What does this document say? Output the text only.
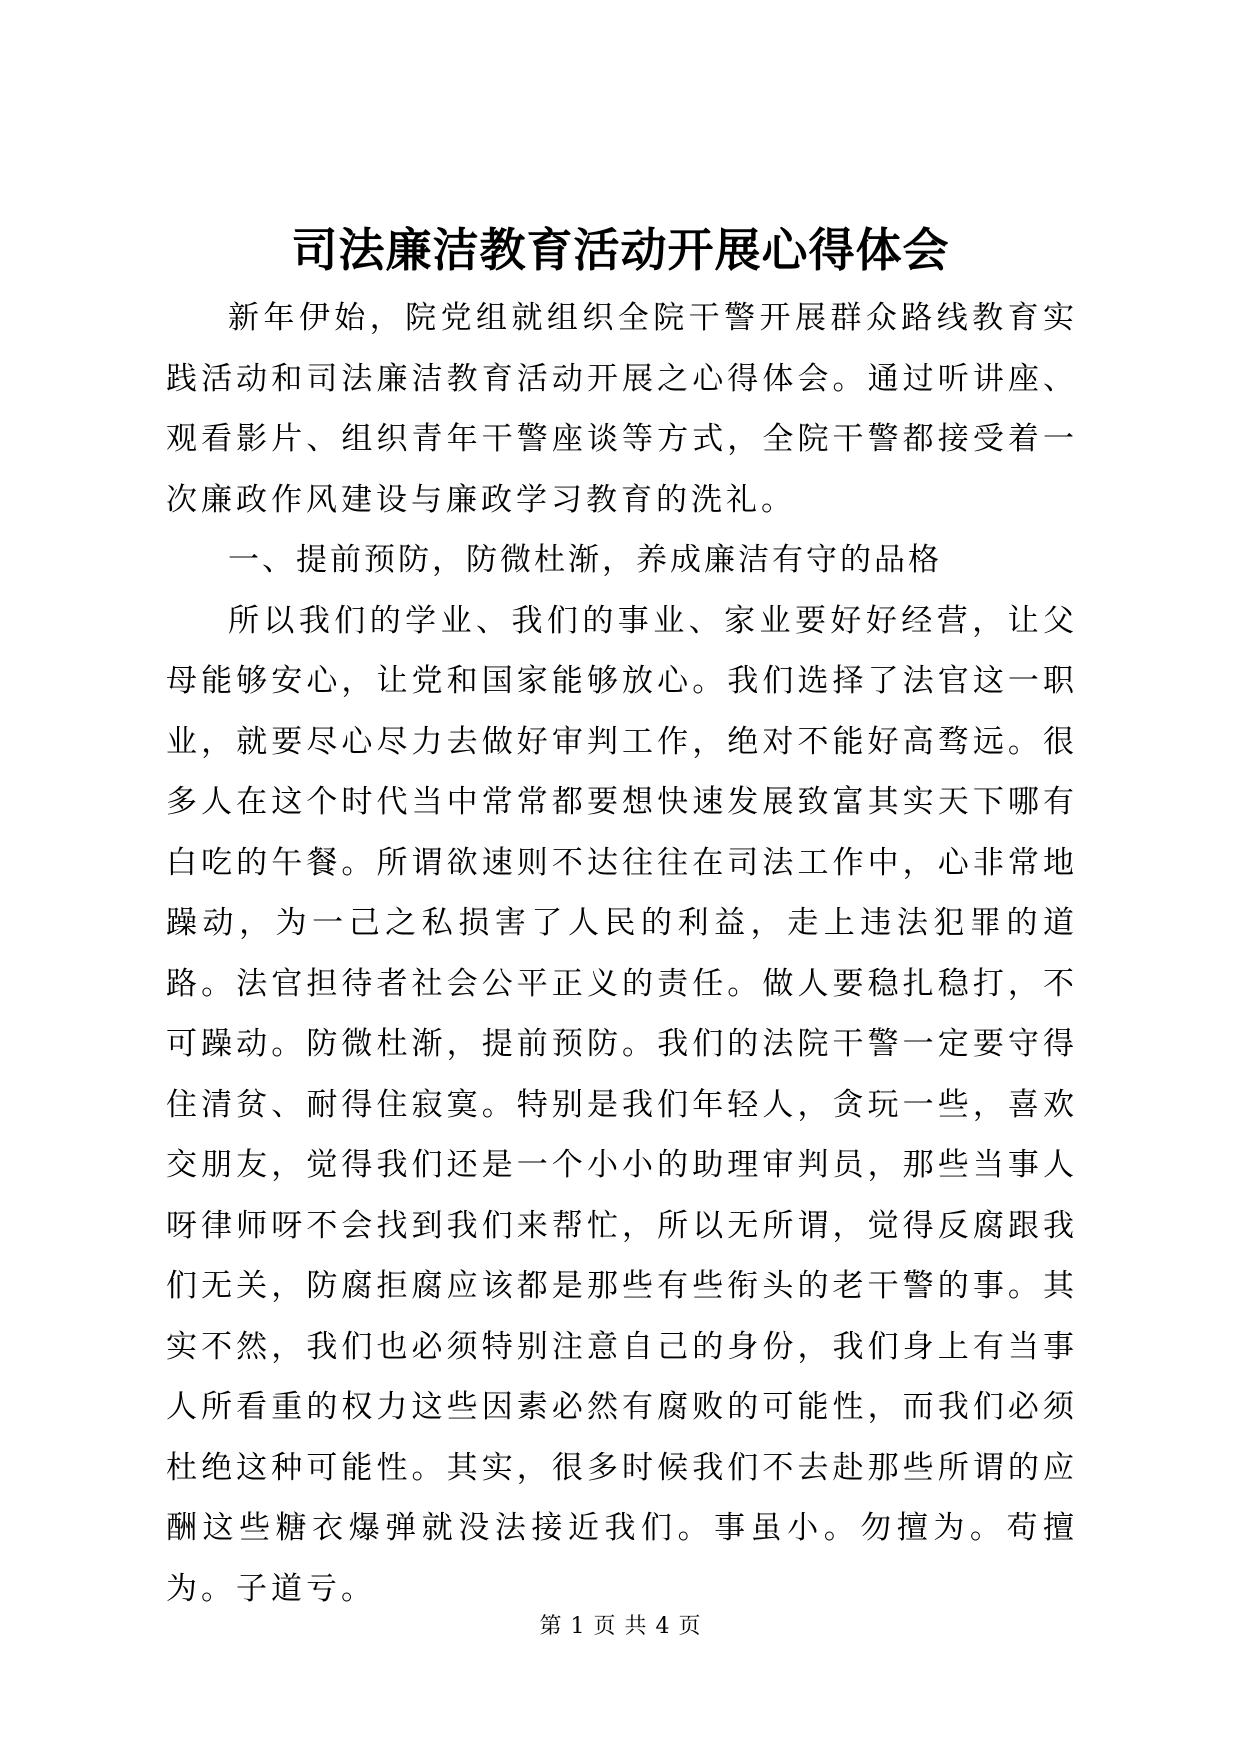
司法廉洁教育活动开展心得体会

新年伊始，院党组就组织全院干警开展群众路线教育实践活动和司法廉洁教育活动开展之心得体会。通过听讲座、观看影片、组织青年干警座谈等方式，全院干警都接受着一次廉政作风建设与廉政学习教育的洗礼。

一、提前预防，防微杜渐，养成廉洁有守的品格

所以我们的学业、我们的事业、家业要好好经营，让父母能够安心，让党和国家能够放心。我们选择了法官这一职业，就要尽心尽力去做好审判工作，绝对不能好高骛远。很多人在这个时代当中常常都要想快速发展致富其实天下哪有白吃的午餐。所谓欲速则不达往往在司法工作中，心非常地躁动，为一己之私损害了人民的利益，走上违法犯罪的道路。法官担待者社会公平正义的责任。做人要稳扎稳打，不可躁动。防微杜渐，提前预防。我们的法院干警一定要守得住清贫、耐得住寂寞。特别是我们年轻人，贪玩一些，喜欢交朋友，觉得我们还是一个小小的助理审判员，那些当事人呀律师呀不会找到我们来帮忙，所以无所谓，觉得反腐跟我们无关，防腐拒腐应该都是那些有些衔头的老干警的事。其实不然，我们也必须特别注意自己的身份，我们身上有当事人所看重的权力这些因素必然有腐败的可能性，而我们必须杜绝这种可能性。其实，很多时候我们不去赴那些所谓的应酬这些糖衣爆弹就没法接近我们。事虽小。勿擅为。苟擅为。子道亏。

第 1 页 共 4 页
